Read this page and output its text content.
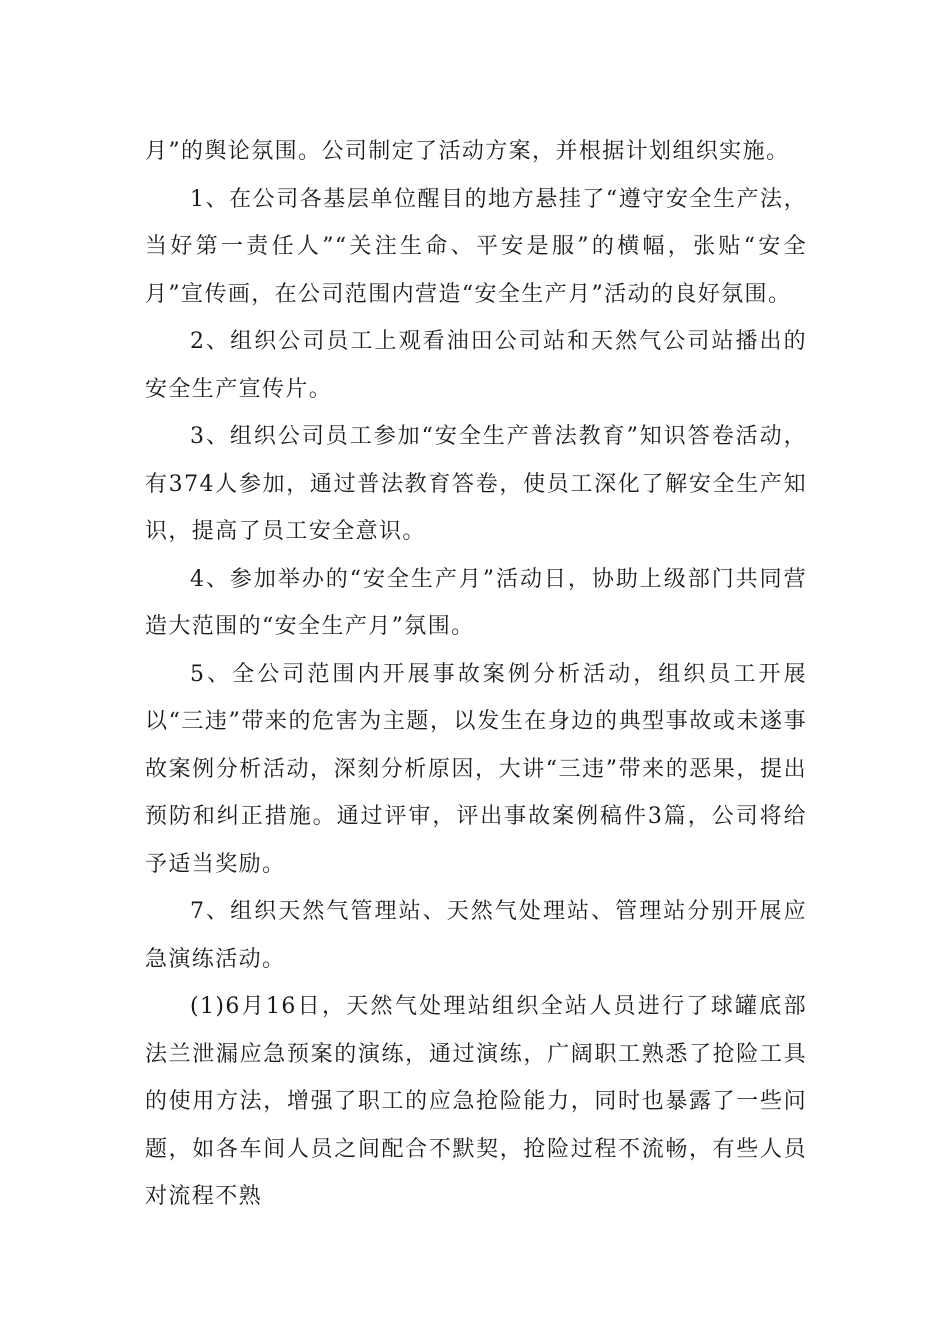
月”的舆论氛围。公司制定了活动方案，并根据计划组织实施。

1、在公司各基层单位醒目的地方悬挂了“遵守安全生产法，当好第一责任人”“关注生命、平安是服”的横幅，张贴“安全月”宣传画，在公司范围内营造“安全生产月”活动的良好氛围。

2、组织公司员工上观看油田公司站和天然气公司站播出的安全生产宣传片。

3、组织公司员工参加“安全生产普法教育”知识答卷活动，有374人参加，通过普法教育答卷，使员工深化了解安全生产知识，提高了员工安全意识。

4、参加举办的“安全生产月”活动日，协助上级部门共同营造大范围的“安全生产月”氛围。

5、全公司范围内开展事故案例分析活动，组织员工开展以“三违”带来的危害为主题，以发生在身边的典型事故或未遂事故案例分析活动，深刻分析原因，大讲“三违”带来的恶果，提出预防和纠正措施。通过评审，评出事故案例稿件3篇，公司将给予适当奖励。

7、组织天然气管理站、天然气处理站、管理站分别开展应急演练活动。

(1)6月16日，天然气处理站组织全站人员进行了球罐底部法兰泄漏应急预案的演练，通过演练，广阔职工熟悉了抢险工具的使用方法，增强了职工的应急抢险能力，同时也暴露了一些问题，如各车间人员之间配合不默契，抢险过程不流畅，有些人员对流程不熟
